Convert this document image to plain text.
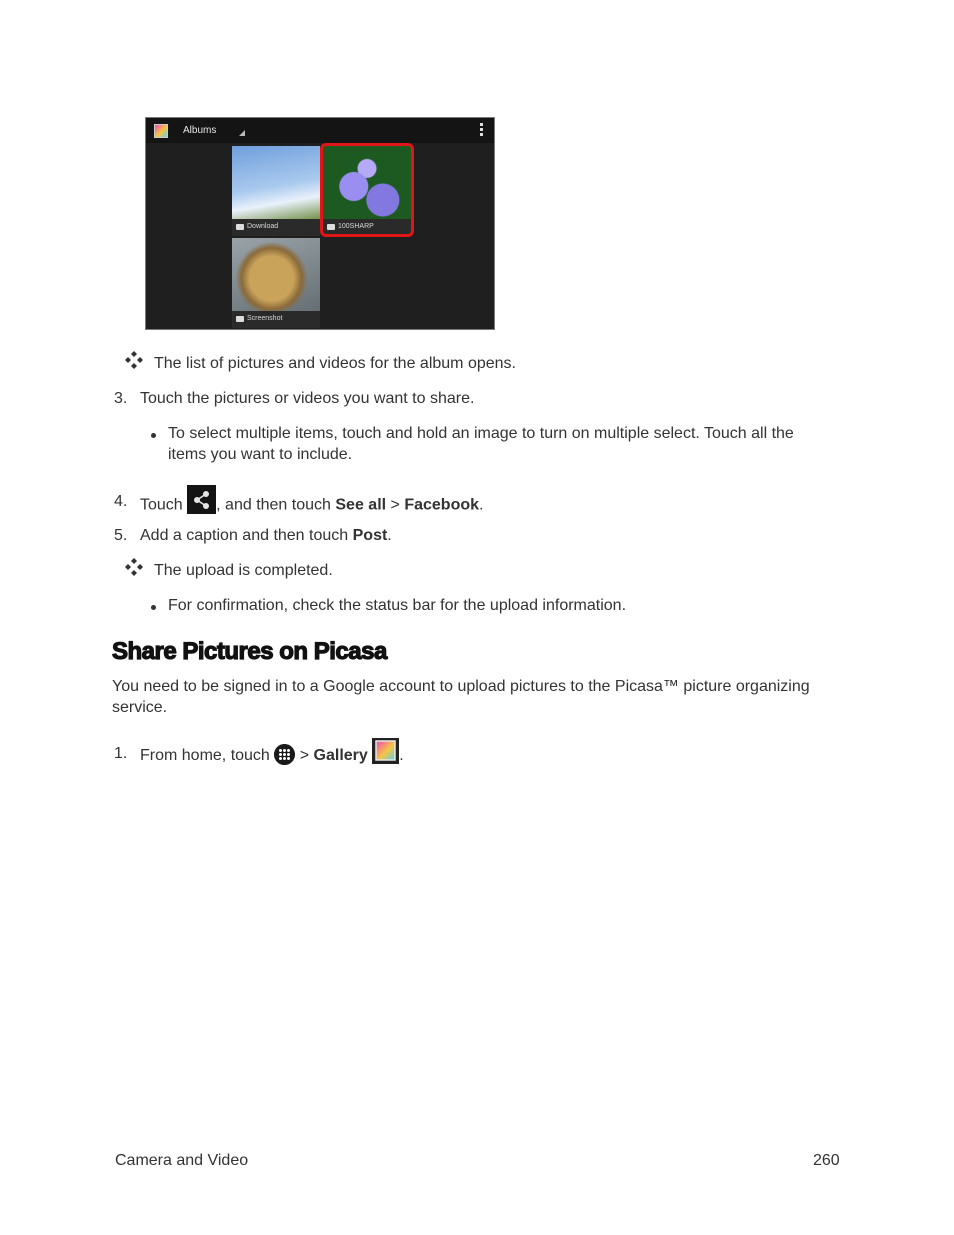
Albums
Download	100SHARP
Screenshot
The list of pictures and videos for the album opens.
3. Touch the pictures or videos you want to share.
To select multiple items, touch and hold an image to turn on multiple select. Touch all the
items you want to include.
4. Touch , and then touch See all > Facebook.
5. Add a caption and then touch Post.
The upload is completed.
For confirmation, check the status bar for the upload information.
Share Pictures on Picasa
You need to be signed in to a Google account to upload pictures to the Picasa™ picture organizing
service.
1. From home, touch > Gallery .
Camera and Video	260
